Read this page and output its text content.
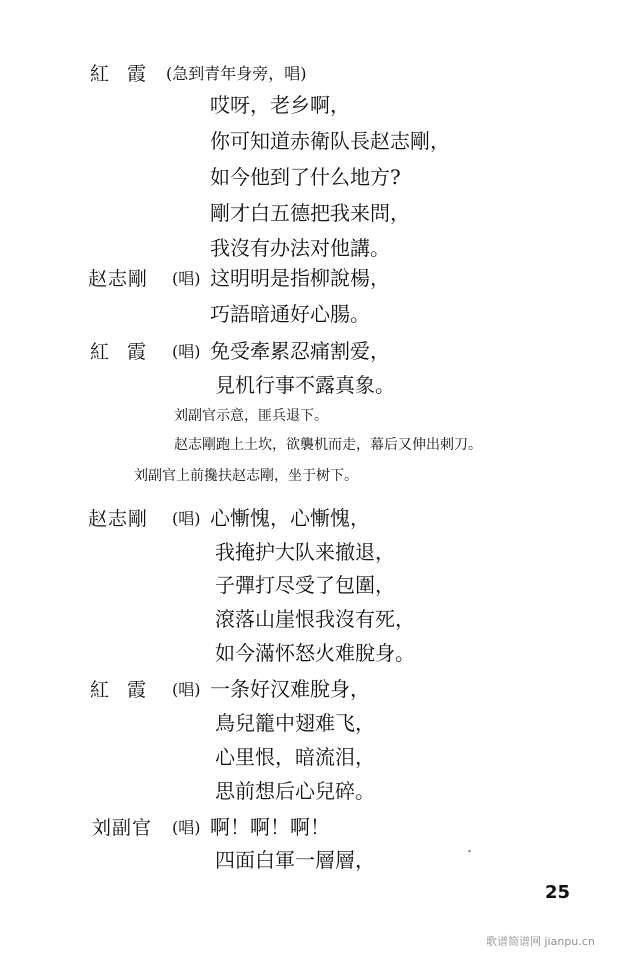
紅霞 (急到青年身旁，唱)
哎呀，老乡啊，
你可知道赤衛队長赵志剛，
如今他到了什么地方?
剛才白五德把我来問，
我沒有办法对他講。
赵志剛 (唱) 这明明是指柳說楊，
巧語暗通好心腸。
紅霞 (唱) 免受牽累忍痛割爱，
見机行事不露真象。
刘副官示意，匪兵退下。
赵志剛跑上土坎，欲襲机而走，幕后又伸出刺刀。
刘副官上前攙扶赵志剛，坐于树下。
赵志剛 (唱) 心慚愧，心慚愧，
我掩护大队来撤退，
子彈打尽受了包圍，
滾落山崖恨我沒有死，
如今滿怀怒火难脫身。
紅霞 (唱) 一条好汉难脫身，
鳥兒籠中翅难飞，
心里恨，暗流泪，
思前想后心兒碎。
刘副官 (唱) 啊！啊！啊！
四面白軍一層層，
25
歌谱简谱网 jianpu.cn
